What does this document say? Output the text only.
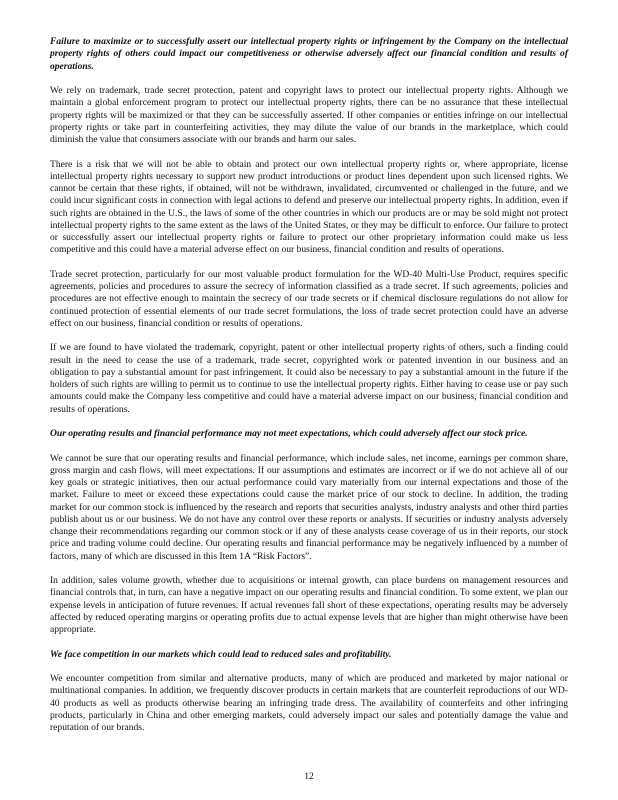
Failure to maximize or to successfully assert our intellectual property rights or infringement by the Company on the intellectual property rights of others could impact our competitiveness or otherwise adversely affect our financial condition and results of operations.

We rely on trademark, trade secret protection, patent and copyright laws to protect our intellectual property rights. Although we maintain a global enforcement program to protect our intellectual property rights, there can be no assurance that these intellectual property rights will be maximized or that they can be successfully asserted. If other companies or entities infringe on our intellectual property rights or take part in counterfeiting activities, they may dilute the value of our brands in the marketplace, which could diminish the value that consumers associate with our brands and harm our sales.

There is a risk that we will not be able to obtain and protect our own intellectual property rights or, where appropriate, license intellectual property rights necessary to support new product introductions or product lines dependent upon such licensed rights. We cannot be certain that these rights, if obtained, will not be withdrawn, invalidated, circumvented or challenged in the future, and we could incur significant costs in connection with legal actions to defend and preserve our intellectual property rights. In addition, even if such rights are obtained in the U.S., the laws of some of the other countries in which our products are or may be sold might not protect intellectual property rights to the same extent as the laws of the United States, or they may be difficult to enforce. Our failure to protect or successfully assert our intellectual property rights or failure to protect our other proprietary information could make us less competitive and this could have a material adverse effect on our business, financial condition and results of operations.

Trade secret protection, particularly for our most valuable product formulation for the WD-40 Multi-Use Product, requires specific agreements, policies and procedures to assure the secrecy of information classified as a trade secret. If such agreements, policies and procedures are not effective enough to maintain the secrecy of our trade secrets or if chemical disclosure regulations do not allow for continued protection of essential elements of our trade secret formulations, the loss of trade secret protection could have an adverse effect on our business, financial condition or results of operations.

If we are found to have violated the trademark, copyright, patent or other intellectual property rights of others, such a finding could result in the need to cease the use of a trademark, trade secret, copyrighted work or patented invention in our business and an obligation to pay a substantial amount for past infringement. It could also be necessary to pay a substantial amount in the future if the holders of such rights are willing to permit us to continue to use the intellectual property rights. Either having to cease use or pay such amounts could make the Company less competitive and could have a material adverse impact on our business, financial condition and results of operations.

Our operating results and financial performance may not meet expectations, which could adversely affect our stock price.

We cannot be sure that our operating results and financial performance, which include sales, net income, earnings per common share, gross margin and cash flows, will meet expectations. If our assumptions and estimates are incorrect or if we do not achieve all of our key goals or strategic initiatives, then our actual performance could vary materially from our internal expectations and those of the market. Failure to meet or exceed these expectations could cause the market price of our stock to decline. In addition, the trading market for our common stock is influenced by the research and reports that securities analysts, industry analysts and other third parties publish about us or our business. We do not have any control over these reports or analysts. If securities or industry analysts adversely change their recommendations regarding our common stock or if any of these analysts cease coverage of us in their reports, our stock price and trading volume could decline. Our operating results and financial performance may be negatively influenced by a number of factors, many of which are discussed in this Item 1A “Risk Factors”.

In addition, sales volume growth, whether due to acquisitions or internal growth, can place burdens on management resources and financial controls that, in turn, can have a negative impact on our operating results and financial condition. To some extent, we plan our expense levels in anticipation of future revenues. If actual revenues fall short of these expectations, operating results may be adversely affected by reduced operating margins or operating profits due to actual expense levels that are higher than might otherwise have been appropriate.

We face competition in our markets which could lead to reduced sales and profitability.

We encounter competition from similar and alternative products, many of which are produced and marketed by major national or multinational companies. In addition, we frequently discover products in certain markets that are counterfeit reproductions of our WD-40 products as well as products otherwise bearing an infringing trade dress. The availability of counterfeits and other infringing products, particularly in China and other emerging markets, could adversely impact our sales and potentially damage the value and reputation of our brands.

12
